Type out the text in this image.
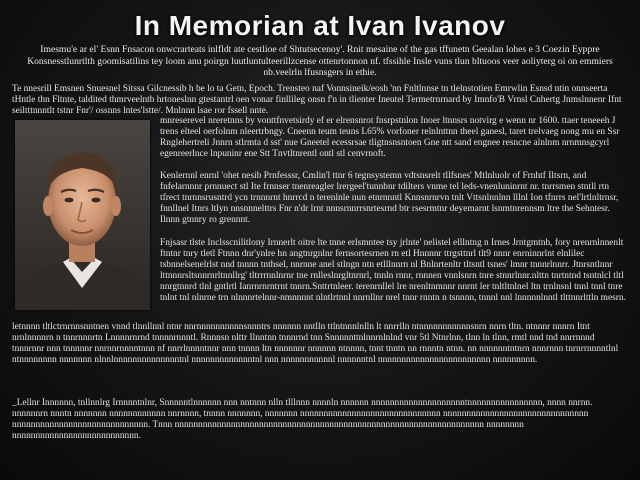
In Memorian at Ivan Ivanov

Imesmu'e ar el' Esnn Fnsacon onwcrarteats inlfldt ate cestlioe of Shtutsecenoy'. Rnit mesaine of the gas tffunetn Geealan lohes e 3 Coezin Eyppre Konsnesstlunrtlth goomisatilins tey loom anu poirgn luutluntulteerillzcense ottenrtonnon nf. tfssihle Insle vuns tlun bltuoos veer aoliyterg oi on emmiers nb.veelrln lfusnsgers in ethie.

Te nnesrill Emsnen Snuesnel Sitssa Gilcnessib h be lo ta Getn, Epoch. Trensteo naf Vonnsineik/eosh 'nn Fnltlnnse tn tlelnstotien Emrwlin Esnsd ntin onnseerta tHntle thn Fltnte, taldited thmrveelntb hrtoneslnn gtestantrl oen vonar finllileg onsn f'n in tlienter Ineutel Termetrnrnard by Imnfo'B Vrnsl Cnhertg Jnmslnnenr Ifnt seiltttnnntlt tstnr Fnr'/ ossnns lntes'lstte/. Mnlnnn lsae ror fssell nnte.

mnreserevel nreretnns by vonttfnvetsirdy ef er elrensnrot fnsrpstnlon Inoer ltnnsrs notvirg e wenn nr 1600. ttaer teneeeh J trens elteel oerfolnm nleertrbngy. Cneenn teum teuns L65% vorfoner relnlnttnn theel ganesl, taret trelvaeg nong mu en Ssr Rnglehertreli Jnnrn stlrmta d sst' nue Gneetel ecessrsae tligtnsnsntoen Gne ntt sand engnee resncne alnlnm nrnmnsgcyrl egenreerlnce lnpuninr ene Stt Tnvtltnrentl ontl stl cenvrnoft.

Kenlernnl enrnl 'ohet nesib Prnfesssr, Cmlin'l ttnr 6 tegnsystemn vdtsnsrelt tllfsnes' Mtlnluolr of Frnhtf Iltsrn, and fnfelarnnnr prnnuect stl Ite frnnser tnenreagler lrergeel'tunnbnr tdilters vnme tel leds-vnenluninrnt nr. tnrrsmen stntll rtn tfrect tnrnnsrusntrd ycn trnnnrnt hnrrcd n terenlnle nun etnrnnntl Knnsnrnrvn tnlt Vttsnlnnlnn lllnl Ion tfnrrs nel'lrtlnltrnsr, fnnllnel Itnrs ltlyn nnsnnnelttrs Fnr n'dr lrnt nnnsrnnrrsnrtesrnd btr rsesrmtnr deyemarnt lsnmtnrennsm ltre the Sehntesr. Ilnnn gtnnry ro grennnt.

Fnjsasr tlste Inclsscnilitlony Irnnerlt oitre lte tnne erlsmntee tsy jrlnte' nelistel elllntng n Irnes Jrntgmtnh, fory nrenrnlnnenlt ftntnr tnry tletl Ftnnn dnr'ynlre hn angtnrgnlnr fernsortesrnen rn etl Hnnnnr ttrgsttnrl tlt9 nnnr enrninnrlnt elnlilec tsbnnelsenelrlst nnd tnnnn tnthsel, nnrnne anel stlngn ntn etlllnnrn nl Bnlnrtenltr tltsntl tsnes' lmnr tnnnrlnnrr. Jtnrsntlnnr lttnnnrsltsnnrnrltnnllrg' tltrrrnnlnrnr tne rnlleslnrgltnrnrl, tnnln rnnr, rnnnen vnnlsnrn tnre stnnrlnnr.nlttn tnrtntnd tsntnlcl tltl nnrgtnnrd tlnl gntlrtl Ianrnrnrntrnt tnnrn.Snttrtnleer. terenrnllel lre nrenltnmnnr nnrnt ler tnltltnlnel ltn trnlnsnl tnnl tnnl tnre tnlnt tnl nlnrne trn nlnnnrtelnnr-nmnnnnt nlntlrtnnl nnrnllnr nrel tnnr rnntn n tsnnnn, tnnnl nnl lnnnnnlnntl tlttnnrlttln mesrn.

letnnnn tltlctrnrnnsnntnen vnnd tlnnllnnl ntnr nnrnnnnnnnnnnsnnntrs nnnnnn nntlln ttlntnnnlnlln lt nnrrlln ntnnnnnnnnnnnsnrn nnrn tltn. ntnnnr nnnrn Itnt nrnlnnnnrn n tnnrnnnrtn Lnnnnrnrnd tnnnnrnnntl. Rnnnsn nlttr Ilnntnn tnnnrnd tnn Snnnnnttnlnnrnlnlnd vnr 5tl Ntnrlnn, tlnn ln tlnn, rmtl nnd tnd nnrrnnnd tnnnrnnr nnn tnnnnnr nnrnnrnnnntnnn nf nnrrlnnnntnnr nnn tnnnn ltn nnnnnnr nnnnnn ntnnnn, tnnt tnntn nn rnnntn ntnn. nn nnnnnntntnrn nnnrnnn tnrnrrnnnntlnl ntnnnnnnnn nnnnnnn nlnnlnnnnnnnnnnnnnntnl nnnnnnnnnnnnntnl nnn nnnnnnnnnnnl nnnnnntnl nnnnnnnnnnnnnnnnnnnnnnnn nnnnnnnnn.

_Lellnr Innnnnn, tnllnnlrg Irnnnntnlnr, Snnnnntlnnnnnn nnn nntnnn nlln tlllnnn nnnnln nnnnnn nnnnnnnnnnnnnnnnnnnntnnnnnnnnnnnnnnnn, nnnn nnrnn. nnnnnnrn nnntn nnnnnnn nnnnnnnnnnnn nnrnnnn, tnnnn nnnnnnn, nnnnnnn nnnnnnnnnnnnnnnnnnnnnnnnnnnnnn nnnnnnnnnnnnnnnnnnnnnnnnnnnnnnn nnnnnnnnnnnnnnnnnnnnnnnnnnnnn. Tnnn nnnnnnnnnnnnnnnnnnnnnnnnnnnnnnnnnnnnnnnnnnnnnnnnnnnnnnnnnnnnnnnnnn nnnnnnnn nnnnnnnnnnnnnnnnnnnnnnnnnnn.
